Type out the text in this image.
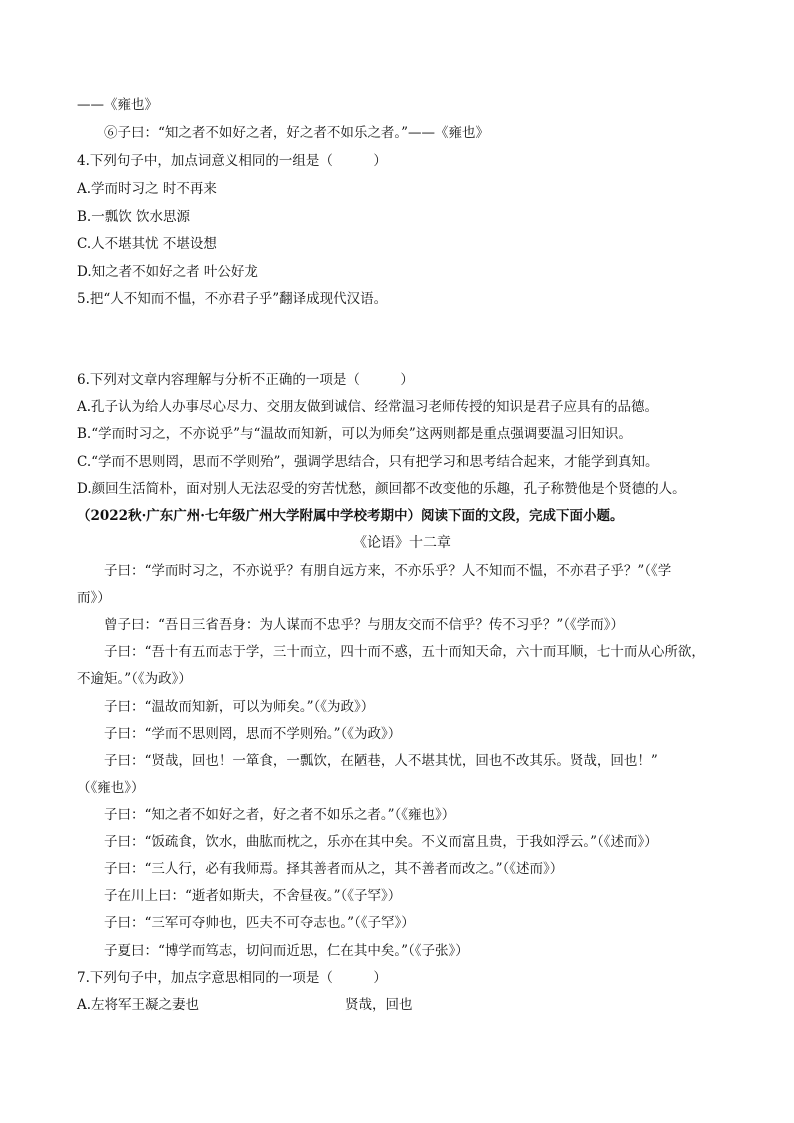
——《雍也》
⑥子曰：“知之者不如好之者，好之者不如乐之者。”——《雍也》
4.下列句子中，加点词意义相同的一组是（　　　）
A.学而时习之 时不再来
B.一瓢饮 饮水思源
C.人不堪其忧 不堪设想
D.知之者不如好之者 叶公好龙
5.把“人不知而不愠，不亦君子乎”翻译成现代汉语。
6.下列对文章内容理解与分析不正确的一项是（　　　）
A.孔子认为给人办事尽心尽力、交朋友做到诚信、经常温习老师传授的知识是君子应具有的品德。
B.“学而时习之，不亦说乎”与“温故而知新，可以为师矣”这两则都是重点强调要温习旧知识。
C.“学而不思则罔，思而不学则殆”，强调学思结合，只有把学习和思考结合起来，才能学到真知。
D.颜回生活简朴，面对别人无法忍受的穷苦忧愁，颜回都不改变他的乐趣，孔子称赞他是个贤德的人。
（2022秋·广东广州·七年级广州大学附属中学校考期中）阅读下面的文段，完成下面小题。
《论语》十二章
子曰：“学而时习之，不亦说乎？有朋自远方来，不亦乐乎？人不知而不愠，不亦君子乎？”（《学
而》）
曾子曰：“吾日三省吾身：为人谋而不忠乎？与朋友交而不信乎？传不习乎？”（《学而》）
子曰：“吾十有五而志于学，三十而立，四十而不惑，五十而知天命，六十而耳顺，七十而从心所欲，
不逾矩。”（《为政》）
子曰：“温故而知新，可以为师矣。”（《为政》）
子曰：“学而不思则罔，思而不学则殆。”（《为政》）
子曰：“贤哉，回也！一箪食，一瓢饮，在陋巷，人不堪其忧，回也不改其乐。贤哉，回也！”
（《雍也》）
子曰：“知之者不如好之者，好之者不如乐之者。”（《雍也》）
子曰：“饭疏食，饮水，曲肱而枕之，乐亦在其中矣。不义而富且贵，于我如浮云。”（《述而》）
子曰：“三人行，必有我师焉。择其善者而从之，其不善者而改之。”（《述而》）
子在川上曰：“逝者如斯夫，不舍昼夜。”（《子罕》）
子曰：“三军可夺帅也，匹夫不可夺志也。”（《子罕》）
子夏曰：“博学而笃志，切问而近思，仁在其中矣。”（《子张》）
7.下列句子中，加点字意思相同的一项是（　　　）
A.左将军王凝之妻也	贤哉，回也
